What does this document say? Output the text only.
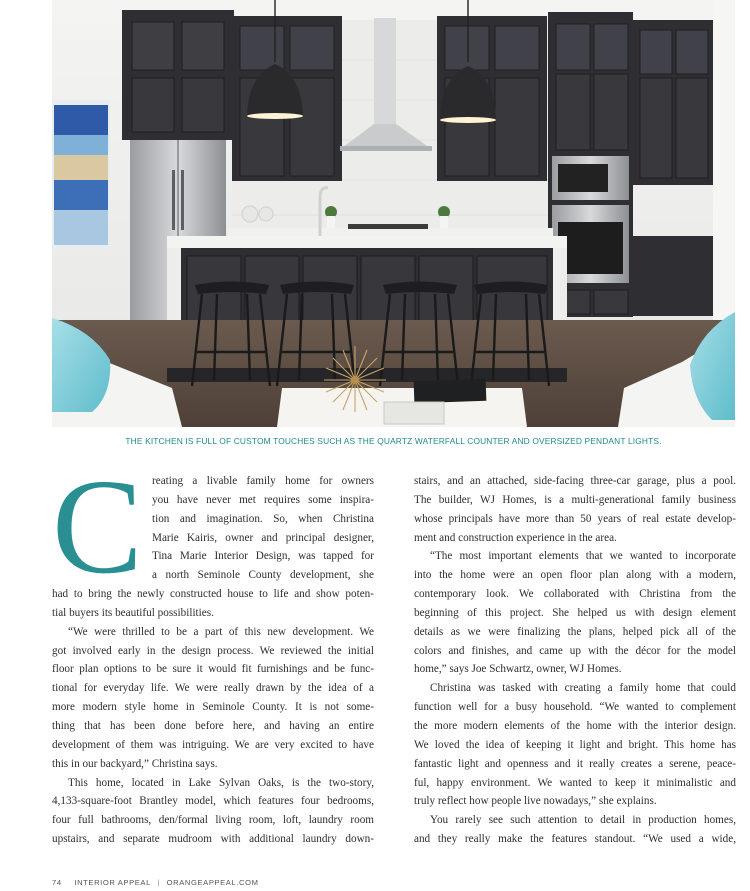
THE KITCHEN IS FULL OF CUSTOM TOUCHES SUCH AS THE QUARTZ WATERFALL COUNTER AND OVERSIZED PENDANT LIGHTS.
C reating a livable family home for owners
you have never met requires some inspira-
tion and imagination. So, when Christina
Marie Kairis, owner and principal designer,
Tina Marie Interior Design, was tapped for
a north Seminole County development, she
had to bring the newly constructed house to life and show poten-
tial buyers its beautiful possibilities.
“We were thrilled to be a part of this new development. We
got involved early in the design process. We reviewed the initial
floor plan options to be sure it would fit furnishings and be func-
tional for everyday life. We were really drawn by the idea of a
more modern style home in Seminole County. It is not some-
thing that has been done before here, and having an entire
development of them was intriguing. We are very excited to have
this in our backyard,” Christina says.
This home, located in Lake Sylvan Oaks, is the two-story,
4,133-square-foot Brantley model, which features four bedrooms,
four full bathrooms, den/formal living room, loft, laundry room
upstairs, and separate mudroom with additional laundry down-
stairs, and an attached, side-facing three-car garage, plus a pool.
The builder, WJ Homes, is a multi-generational family business
whose principals have more than 50 years of real estate develop-
ment and construction experience in the area.
“The most important elements that we wanted to incorporate
into the home were an open floor plan along with a modern,
contemporary look. We collaborated with Christina from the
beginning of this project. She helped us with design element
details as we were finalizing the plans, helped pick all of the
colors and finishes, and came up with the décor for the model
home,” says Joe Schwartz, owner, WJ Homes.
Christina was tasked with creating a family home that could
function well for a busy household. “We wanted to complement
the more modern elements of the home with the interior design.
We loved the idea of keeping it light and bright. This home has
fantastic light and openness and it really creates a serene, peace-
ful, happy environment. We wanted to keep it minimalistic and
truly reflect how people live nowadays,” she explains.
You rarely see such attention to detail in production homes,
and they really make the features standout. “We used a wide,
74 INTERIOR APPEAL | ORANGEAPPEAL.COM
